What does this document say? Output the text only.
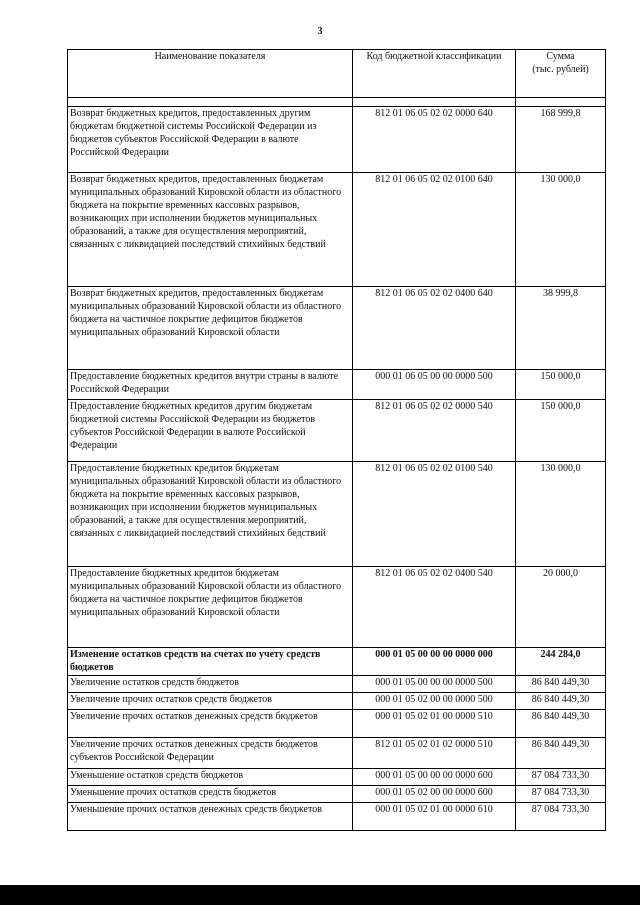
3
Наименование показателя	Код бюджетной классификации	Сумма
(тыс. рублей)

Возврат бюджетных кредитов, предоставленных другим бюджетам бюджетной системы Российской Федерации из бюджетов субъектов Российской Федерации в валюте Российской Федерации	812 01 06 05 02 02 0000 640	168 999,8
Возврат бюджетных кредитов, предоставленных бюджетам муниципальных образований Кировской области из областного бюджета на покрытие временных кассовых разрывов, возникающих при исполнении бюджетов муниципальных образований, а также для осуществления мероприятий, связанных с ликвидацией последствий стихийных бедствий	812 01 06 05 02 02 0100 640	130 000,0
Возврат бюджетных кредитов, предоставленных бюджетам муниципальных образований Кировской области из областного бюджета на частичное покрытие дефицитов бюджетов муниципальных образований Кировской области	812 01 06 05 02 02 0400 640	38 999,8
Предоставление бюджетных кредитов внутри страны в валюте Российской Федерации	000 01 06 05 00 00 0000 500	150 000,0
Предоставление бюджетных кредитов другим бюджетам бюджетной системы Российской Федерации из бюджетов субъектов Российской Федерации в валюте Российской Федерации	812 01 06 05 02 02 0000 540	150 000,0
Предоставление бюджетных кредитов бюджетам муниципальных образований Кировской области из областного бюджета на покрытие временных кассовых разрывов, возникающих при исполнении бюджетов муниципальных образований, а также для осуществления мероприятий, связанных с ликвидацией последствий стихийных бедствий	812 01 06 05 02 02 0100 540	130 000,0
Предоставление бюджетных кредитов бюджетам муниципальных образований Кировской области из областного бюджета на частичное покрытие дефицитов бюджетов муниципальных образований Кировской области	812 01 06 05 02 02 0400 540	20 000,0
Изменение остатков средств на счетах по учету средств бюджетов	000 01 05 00 00 00 0000 000	244 284,0
Увеличение остатков средств бюджетов	000 01 05 00 00 00 0000 500	86 840 449,30
Увеличение прочих остатков средств бюджетов	000 01 05 02 00 00 0000 500	86 840 449,30
Увеличение прочих остатков денежных средств бюджетов	000 01 05 02 01 00 0000 510	86 840 449,30
Увеличение прочих остатков денежных средств бюджетов субъектов Российской Федерации	812 01 05 02 01 02 0000 510	86 840 449,30
Уменьшение остатков средств бюджетов	000 01 05 00 00 00 0000 600	87 084 733,30
Уменьшение прочих остатков средств бюджетов	000 01 05 02 00 00 0000 600	87 084 733,30
Уменьшение прочих остатков денежных средств бюджетов	000 01 05 02 01 00 0000 610	87 084 733,30
